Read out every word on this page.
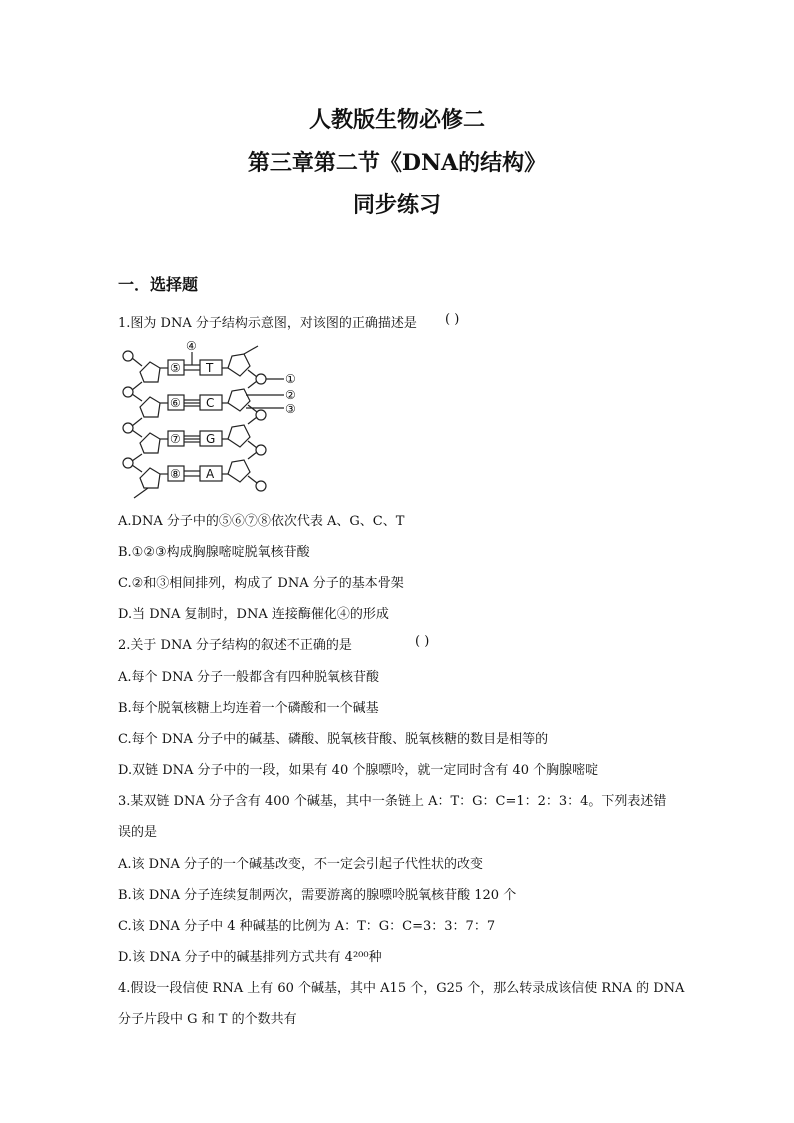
人教版生物必修二
第三章第二节《DNA的结构》
同步练习
一．选择题
1.图为 DNA 分子结构示意图，对该图的正确描述是 ( )
④
⑤
⑥
⑦
⑧
T
C
G
A
①
②
③
A.DNA 分子中的⑤⑥⑦⑧依次代表 A、G、C、T
B.①②③构成胸腺嘧啶脱氧核苷酸
C.②和③相间排列，构成了 DNA 分子的基本骨架
D.当 DNA 复制时，DNA 连接酶催化④的形成
2.关于 DNA 分子结构的叙述不正确的是	( )
A.每个 DNA 分子一般都含有四种脱氧核苷酸
B.每个脱氧核糖上均连着一个磷酸和一个碱基
C.每个 DNA 分子中的碱基、磷酸、脱氧核苷酸、脱氧核糖的数目是相等的
D.双链 DNA 分子中的一段，如果有 40 个腺嘌呤，就一定同时含有 40 个胸腺嘧啶
3.某双链 DNA 分子含有 400 个碱基，其中一条链上 A：T：G：C=1：2：3：4。下列表述错
误的是
A.该 DNA 分子的一个碱基改变，不一定会引起子代性状的改变
B.该 DNA 分子连续复制两次，需要游离的腺嘌呤脱氧核苷酸 120 个
C.该 DNA 分子中 4 种碱基的比例为 A：T：G：C=3：3：7：7
D.该 DNA 分子中的碱基排列方式共有 4²⁰⁰种
4.假设一段信使 RNA 上有 60 个碱基，其中 A15 个，G25 个，那么转录成该信使 RNA 的 DNA
分子片段中 G 和 T 的个数共有
